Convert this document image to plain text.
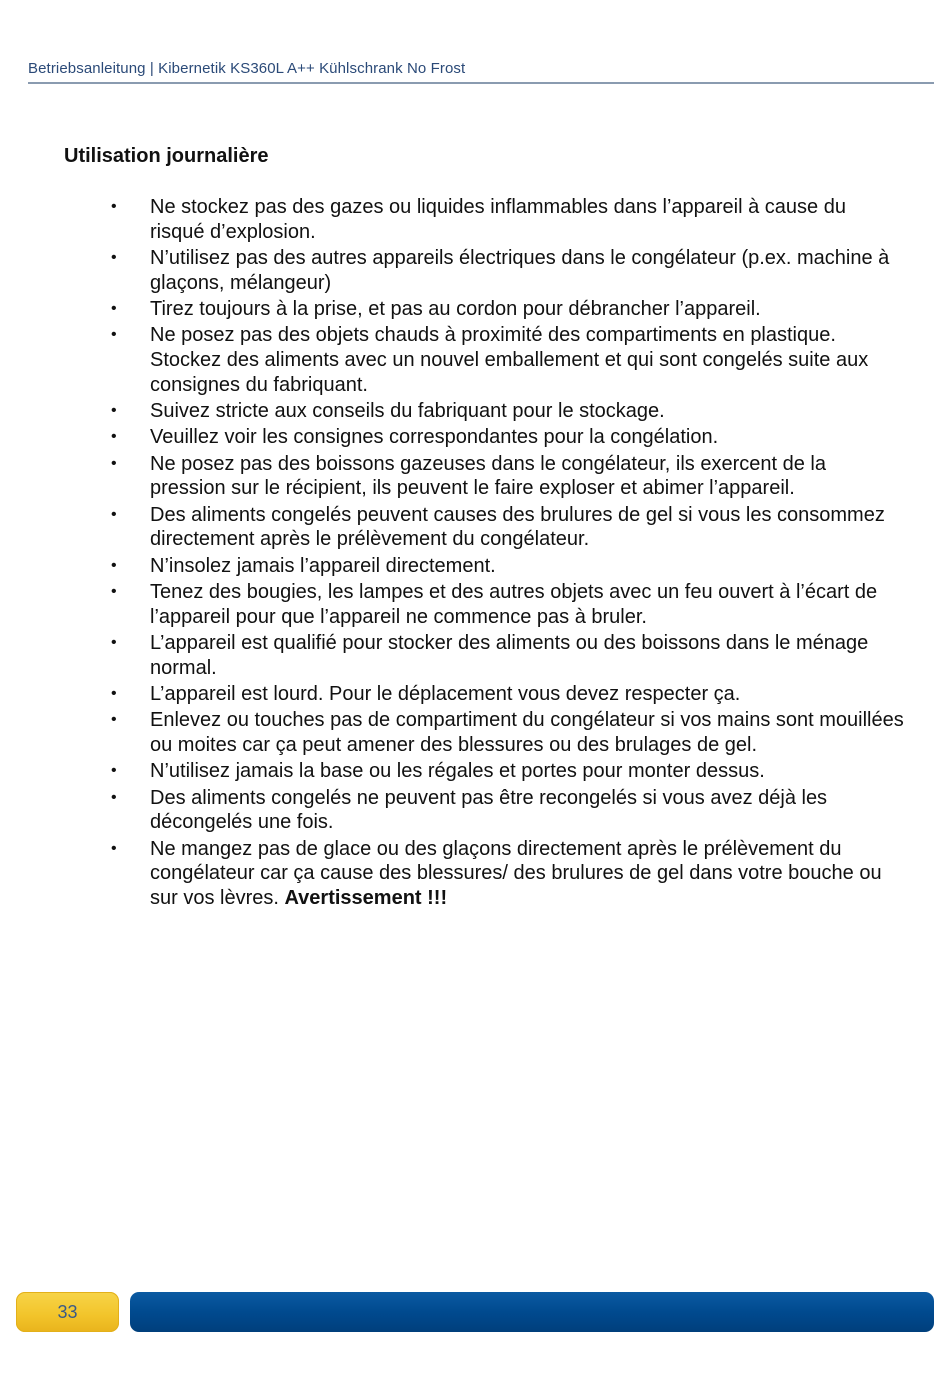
Betriebsanleitung | Kibernetik KS360L A++ Kühlschrank No Frost
Utilisation journalière
• Ne stockez pas des gazes ou liquides inflammables dans l’appareil à cause du risqué d’explosion.
• N’utilisez pas des autres appareils électriques dans le congélateur (p.ex. machine à glaçons, mélangeur)
• Tirez toujours à la prise, et pas au cordon pour débrancher l’appareil.
• Ne posez pas des objets chauds à proximité des compartiments en plastique. Stockez des aliments avec un nouvel emballement et qui sont congelés suite aux consignes du fabriquant.
• Suivez stricte aux conseils du fabriquant pour le stockage.
• Veuillez voir les consignes correspondantes pour la congélation.
• Ne posez pas des boissons gazeuses dans le congélateur, ils exercent de la pression sur le récipient, ils peuvent le faire exploser et abimer l’appareil.
• Des aliments congelés peuvent causes des brulures de gel si vous les consommez directement après le prélèvement du congélateur.
• N’insolez jamais l’appareil directement.
• Tenez des bougies, les lampes et des autres objets avec un feu ouvert à l’écart de l’appareil pour que l’appareil ne commence pas à bruler.
• L’appareil est qualifié pour stocker des aliments ou des boissons dans le ménage normal.
• L’appareil est lourd. Pour le déplacement vous devez respecter ça.
• Enlevez ou touches pas de compartiment du congélateur si vos mains sont mouillées ou moites car ça peut amener des blessures ou des brulages de gel.
• N’utilisez jamais la base ou les régales et portes pour monter dessus.
• Des aliments congelés ne peuvent pas être recongelés si vous avez déjà les décongelés une fois.
• Ne mangez pas de glace ou des glaçons directement après le prélèvement du congélateur car ça cause des blessures/ des brulures de gel dans votre bouche ou sur vos lèvres. Avertissement !!!
33
